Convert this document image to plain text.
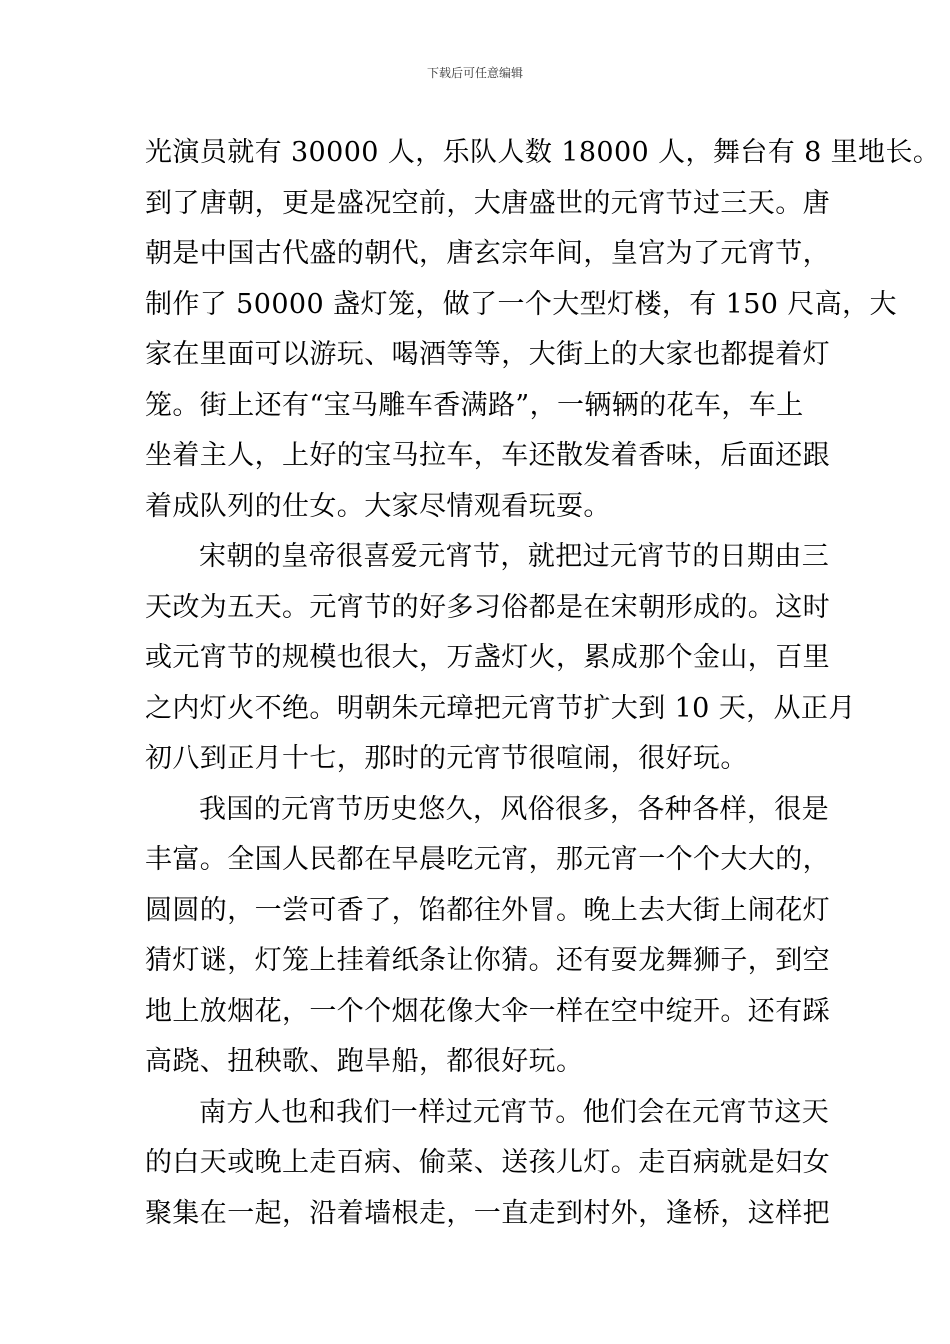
下载后可任意编辑
光演员就有 30000 人，乐队人数 18000 人，舞台有 8 里地长。
到了唐朝，更是盛况空前，大唐盛世的元宵节过三天。唐
朝是中国古代盛的朝代，唐玄宗年间，皇宫为了元宵节，
制作了 50000 盏灯笼，做了一个大型灯楼，有 150 尺高，大
家在里面可以游玩、喝酒等等，大街上的大家也都提着灯
笼。街上还有“宝马雕车香满路”，一辆辆的花车，车上
坐着主人，上好的宝马拉车，车还散发着香味，后面还跟
着成队列的仕女。大家尽情观看玩耍。
宋朝的皇帝很喜爱元宵节，就把过元宵节的日期由三
天改为五天。元宵节的好多习俗都是在宋朝形成的。这时
或元宵节的规模也很大，万盏灯火，累成那个金山，百里
之内灯火不绝。明朝朱元璋把元宵节扩大到 10 天，从正月
初八到正月十七，那时的元宵节很喧闹，很好玩。
我国的元宵节历史悠久，风俗很多，各种各样，很是
丰富。全国人民都在早晨吃元宵，那元宵一个个大大的，
圆圆的，一尝可香了，馅都往外冒。晚上去大街上闹花灯
猜灯谜，灯笼上挂着纸条让你猜。还有耍龙舞狮子，到空
地上放烟花，一个个烟花像大伞一样在空中绽开。还有踩
高跷、扭秧歌、跑旱船，都很好玩。
南方人也和我们一样过元宵节。他们会在元宵节这天
的白天或晚上走百病、偷菜、送孩儿灯。走百病就是妇女
聚集在一起，沿着墙根走，一直走到村外，逢桥，这样把
